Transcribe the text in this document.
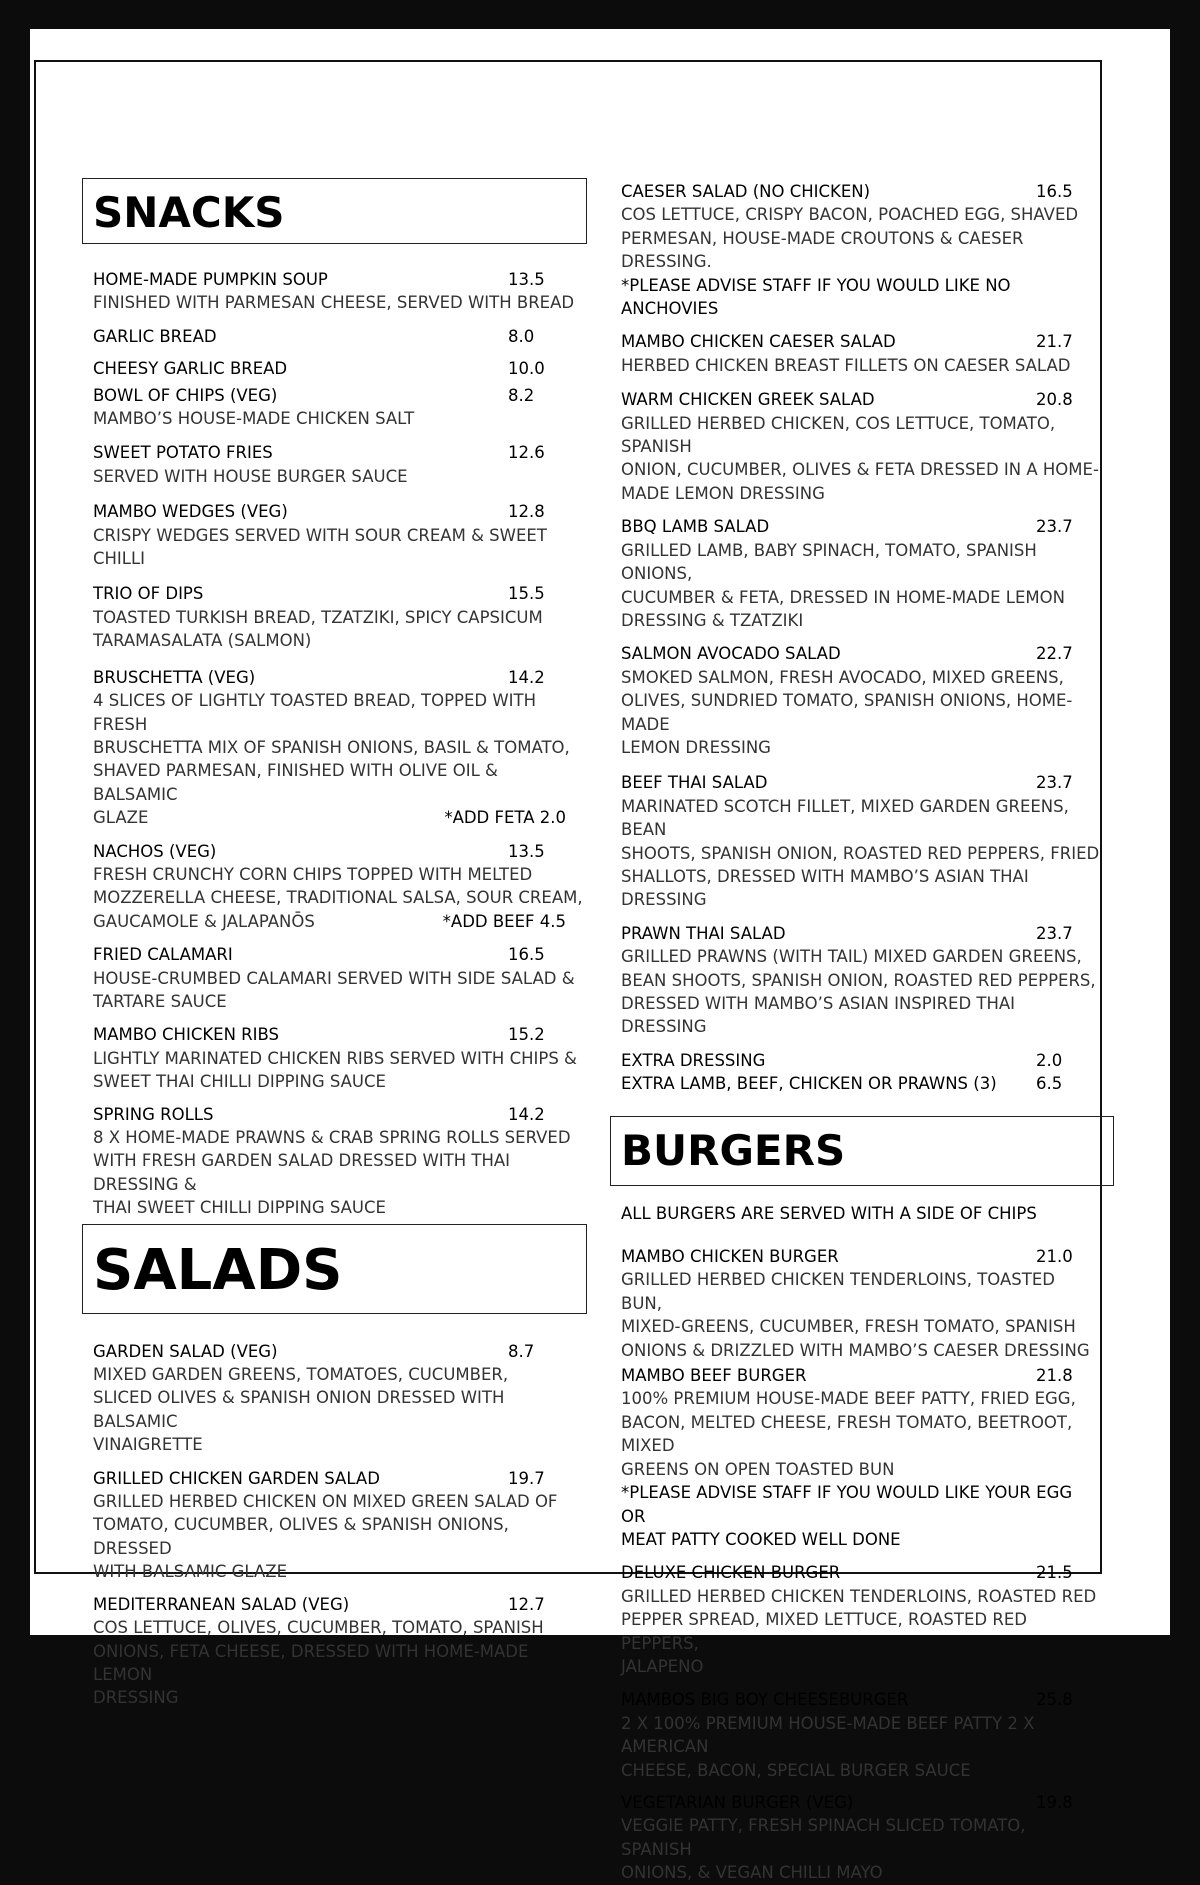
SNACKS
HOME-MADE PUMPKIN SOUP	13.5
FINISHED WITH PARMESAN CHEESE, SERVED WITH BREAD
GARLIC BREAD	8.0
CHEESY GARLIC BREAD	10.0
BOWL OF CHIPS (VEG)	8.2
MAMBO’S HOUSE-MADE CHICKEN SALT
SWEET POTATO FRIES	12.6
SERVED WITH HOUSE BURGER SAUCE
MAMBO WEDGES (VEG)	12.8
CRISPY WEDGES SERVED WITH SOUR CREAM & SWEET CHILLI
TRIO OF DIPS	15.5
TOASTED TURKISH BREAD, TZATZIKI, SPICY CAPSICUM
TARAMASALATA (SALMON)
BRUSCHETTA (VEG)	14.2
4 SLICES OF LIGHTLY TOASTED BREAD, TOPPED WITH FRESH
BRUSCHETTA MIX OF SPANISH ONIONS, BASIL & TOMATO,
SHAVED PARMESAN, FINISHED WITH OLIVE OIL & BALSAMIC
GLAZE	*ADD FETA 2.0
NACHOS (VEG)	13.5
FRESH CRUNCHY CORN CHIPS TOPPED WITH MELTED
MOZZERELLA CHEESE, TRADITIONAL SALSA, SOUR CREAM,
GAUCAMOLE & JALAPANŌS	*ADD BEEF 4.5
FRIED CALAMARI	16.5
HOUSE-CRUMBED CALAMARI SERVED WITH SIDE SALAD &
TARTARE SAUCE
MAMBO CHICKEN RIBS	15.2
LIGHTLY MARINATED CHICKEN RIBS SERVED WITH CHIPS &
SWEET THAI CHILLI DIPPING SAUCE
SPRING ROLLS	14.2
8 X HOME-MADE PRAWNS & CRAB SPRING ROLLS SERVED
WITH FRESH GARDEN SALAD DRESSED WITH THAI DRESSING &
THAI SWEET CHILLI DIPPING SAUCE
SALADS
GARDEN SALAD (VEG)	8.7
MIXED GARDEN GREENS, TOMATOES, CUCUMBER,
SLICED OLIVES & SPANISH ONION DRESSED WITH BALSAMIC
VINAIGRETTE
GRILLED CHICKEN GARDEN SALAD	19.7
GRILLED HERBED CHICKEN ON MIXED GREEN SALAD OF
TOMATO, CUCUMBER, OLIVES & SPANISH ONIONS, DRESSED
WITH BALSAMIC GLAZE
MEDITERRANEAN SALAD (VEG)	12.7
COS LETTUCE, OLIVES, CUCUMBER, TOMATO, SPANISH
ONIONS, FETA CHEESE, DRESSED WITH HOME-MADE LEMON
DRESSING
CAESER SALAD (NO CHICKEN)	16.5
COS LETTUCE, CRISPY BACON, POACHED EGG, SHAVED
PERMESAN, HOUSE-MADE CROUTONS & CAESER DRESSING.
*PLEASE ADVISE STAFF IF YOU WOULD LIKE NO ANCHOVIES
MAMBO CHICKEN CAESER SALAD	21.7
HERBED CHICKEN BREAST FILLETS ON CAESER SALAD
WARM CHICKEN GREEK SALAD	20.8
GRILLED HERBED CHICKEN, COS LETTUCE, TOMATO, SPANISH
ONION, CUCUMBER, OLIVES & FETA DRESSED IN A HOME-
MADE LEMON DRESSING
BBQ LAMB SALAD	23.7
GRILLED LAMB, BABY SPINACH, TOMATO, SPANISH ONIONS,
CUCUMBER & FETA, DRESSED IN HOME-MADE LEMON
DRESSING & TZATZIKI
SALMON AVOCADO SALAD	22.7
SMOKED SALMON, FRESH AVOCADO, MIXED GREENS,
OLIVES, SUNDRIED TOMATO, SPANISH ONIONS, HOME-MADE
LEMON DRESSING
BEEF THAI SALAD	23.7
MARINATED SCOTCH FILLET, MIXED GARDEN GREENS, BEAN
SHOOTS, SPANISH ONION, ROASTED RED PEPPERS, FRIED
SHALLOTS, DRESSED WITH MAMBO’S ASIAN THAI DRESSING
PRAWN THAI SALAD	23.7
GRILLED PRAWNS (WITH TAIL) MIXED GARDEN GREENS,
BEAN SHOOTS, SPANISH ONION, ROASTED RED PEPPERS,
DRESSED WITH MAMBO’S ASIAN INSPIRED THAI DRESSING
EXTRA DRESSING	2.0
EXTRA LAMB, BEEF, CHICKEN OR PRAWNS (3) 6.5
BURGERS
ALL BURGERS ARE SERVED WITH A SIDE OF CHIPS
MAMBO CHICKEN BURGER	21.0
GRILLED HERBED CHICKEN TENDERLOINS, TOASTED BUN,
MIXED-GREENS, CUCUMBER, FRESH TOMATO, SPANISH
ONIONS & DRIZZLED WITH MAMBO’S CAESER DRESSING
MAMBO BEEF BURGER	21.8
100% PREMIUM HOUSE-MADE BEEF PATTY, FRIED EGG,
BACON, MELTED CHEESE, FRESH TOMATO, BEETROOT, MIXED
GREENS ON OPEN TOASTED BUN
*PLEASE ADVISE STAFF IF YOU WOULD LIKE YOUR EGG OR
MEAT PATTY COOKED WELL DONE
DELUXE CHICKEN BURGER	21.5
GRILLED HERBED CHICKEN TENDERLOINS, ROASTED RED
PEPPER SPREAD, MIXED LETTUCE, ROASTED RED PEPPERS,
JALAPENO
MAMBOS BIG BOY CHEESEBURGER	25.8
2 X 100% PREMIUM HOUSE-MADE BEEF PATTY 2 X AMERICAN
CHEESE, BACON, SPECIAL BURGER SAUCE
VEGETARIAN BURGER (VEG)	19.8
VEGGIE PATTY, FRESH SPINACH SLICED TOMATO, SPANISH
ONIONS, & VEGAN CHILLI MAYO
